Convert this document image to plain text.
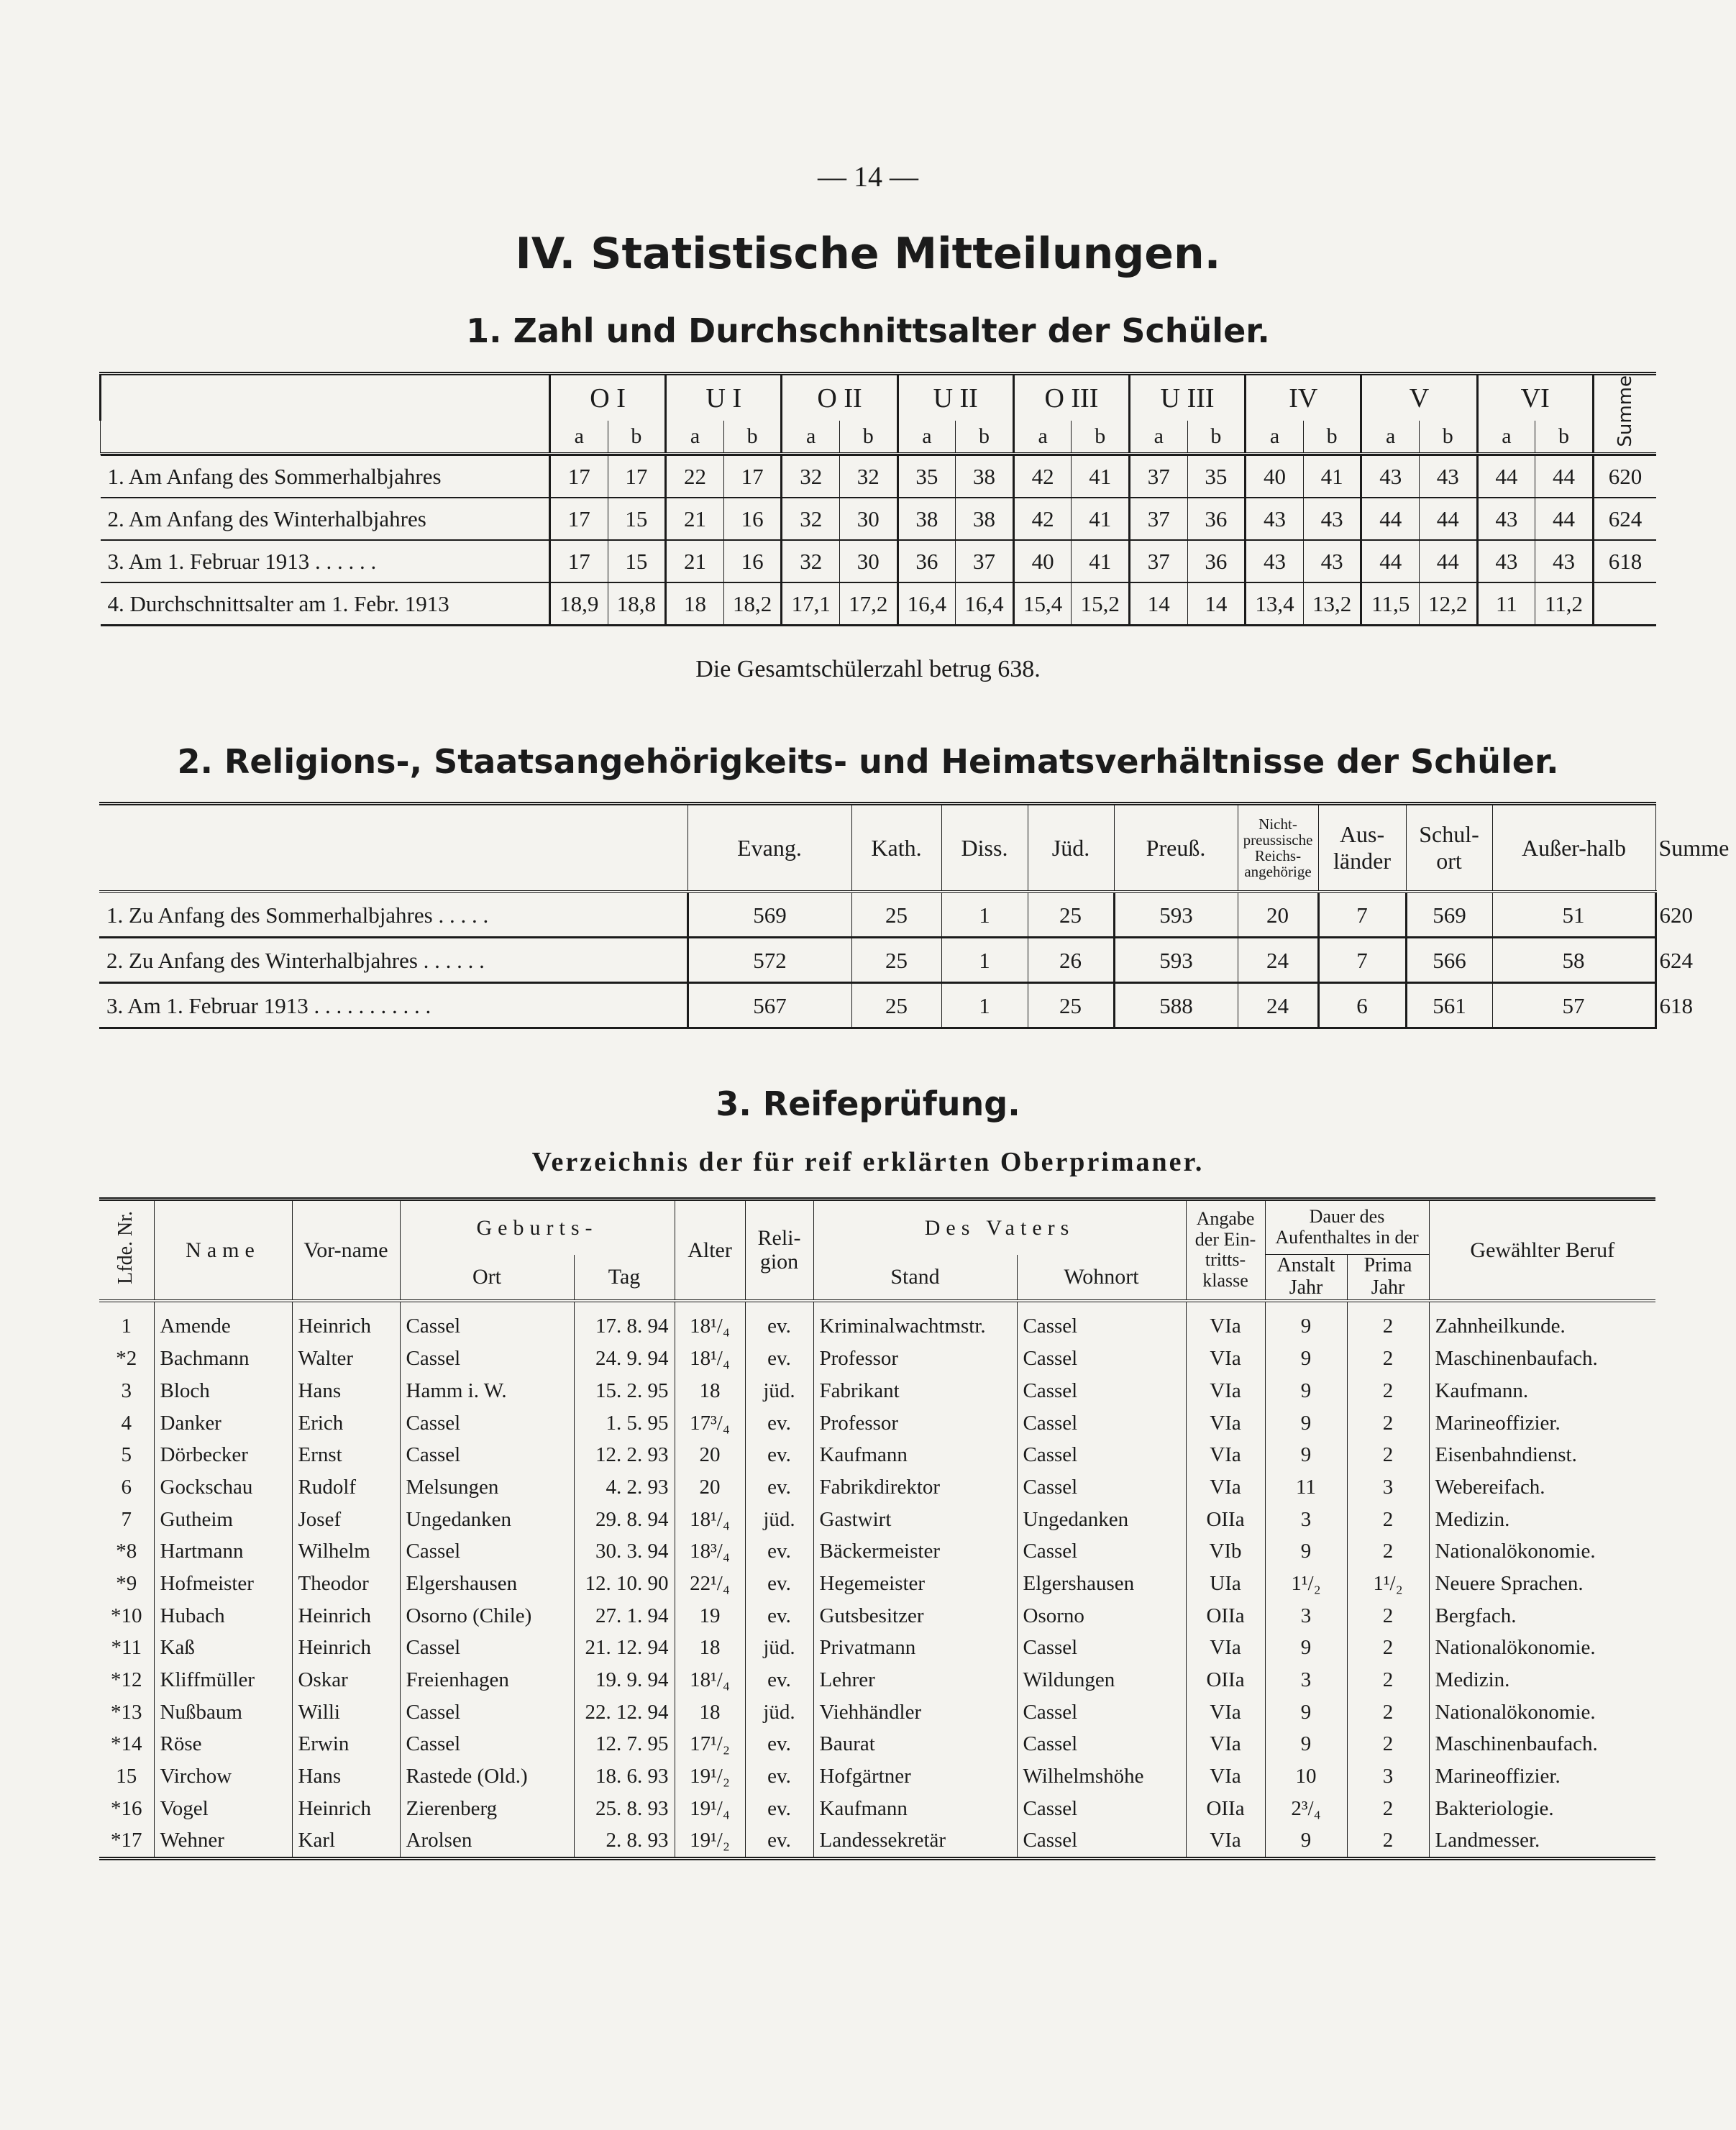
— 14 —
IV. Statistische Mitteilungen.
1. Zahl und Durchschnittsalter der Schüler.
	O I		U I		O II		U II		O III		U III		IV		V		VI		Summe
	a	b	a	b	a	b	a	b	a	b	a	b	a	b	a	b	a	b	

1. Am Anfang des Sommerhalbjahres	17	17	22	17	32	32	35	38	42	41	37	35	40	41	43	43	44	44	620
2. Am Anfang des Winterhalbjahres	17	15	21	16	32	30	38	38	42	41	37	36	43	43	44	44	43	44	624
3. Am 1. Februar 1913 . . . . . .	17	15	21	16	32	30	36	37	40	41	37	36	43	43	44	44	43	43	618
4. Durchschnittsalter am 1. Febr. 1913	18,9	18,8	18	18,2	17,1	17,2	16,4	16,4	15,4	15,2	14	14	13,4	13,2	11,5	12,2	11	11,2	
Die Gesamtschülerzahl betrug 638.
2. Religions-, Staatsangehörigkeits- und Heimatsverhältnisse der Schüler.
	Evang.	Kath.	Diss.	Jüd.	Preuß.	Nicht-preussische Reichs-angehörige	Aus-länder	Schul-ort	Außer-halb	Summe
1. Zu Anfang des Sommerhalbjahres . . . . .	569	25	1	25	593	20	7	569	51	620
2. Zu Anfang des Winterhalbjahres . . . . . .	572	25	1	26	593	24	7	566	58	624
3. Am 1. Februar 1913 . . . . . . . . . . .	567	25	1	25	588	24	6	561	57	618
3. Reifeprüfung.
Verzeichnis der für reif erklärten Oberprimaner.
Lfde. Nr.	Name	Vor-name	Geburts-		Alter	Reli-gion	Des Vaters		Angabe der Ein-tritts-klasse	Dauer des Aufenthaltes in der		Gewählter Beruf
			Ort	Tag			Stand	Wohnort		Anstalt Jahr	Prima Jahr	
1	Amende	Heinrich	Cassel	17. 8. 94	18¹/₄	ev.	Kriminalwachtmstr.	Cassel	VIa	9	2	Zahnheilkunde.
*2	Bachmann	Walter	Cassel	24. 9. 94	18¹/₄	ev.	Professor	Cassel	VIa	9	2	Maschinenbaufach.
3	Bloch	Hans	Hamm i. W.	15. 2. 95	18	jüd.	Fabrikant	Cassel	VIa	9	2	Kaufmann.
4	Danker	Erich	Cassel	1. 5. 95	17³/₄	ev.	Professor	Cassel	VIa	9	2	Marineoffizier.
5	Dörbecker	Ernst	Cassel	12. 2. 93	20	ev.	Kaufmann	Cassel	VIa	9	2	Eisenbahndienst.
6	Gockschau	Rudolf	Melsungen	4. 2. 93	20	ev.	Fabrikdirektor	Cassel	VIa	11	3	Webereifach.
7	Gutheim	Josef	Ungedanken	29. 8. 94	18¹/₄	jüd.	Gastwirt	Ungedanken	OIIa	3	2	Medizin.
*8	Hartmann	Wilhelm	Cassel	30. 3. 94	18³/₄	ev.	Bäckermeister	Cassel	VIb	9	2	Nationalökonomie.
*9	Hofmeister	Theodor	Elgershausen	12. 10. 90	22¹/₄	ev.	Hegemeister	Elgershausen	UIa	1¹/₂	1¹/₂	Neuere Sprachen.
*10	Hubach	Heinrich	Osorno (Chile)	27. 1. 94	19	ev.	Gutsbesitzer	Osorno	OIIa	3	2	Bergfach.
*11	Kaß	Heinrich	Cassel	21. 12. 94	18	jüd.	Privatmann	Cassel	VIa	9	2	Nationalökonomie.
*12	Kliffmüller	Oskar	Freienhagen	19. 9. 94	18¹/₄	ev.	Lehrer	Wildungen	OIIa	3	2	Medizin.
*13	Nußbaum	Willi	Cassel	22. 12. 94	18	jüd.	Viehhändler	Cassel	VIa	9	2	Nationalökonomie.
*14	Röse	Erwin	Cassel	12. 7. 95	17¹/₂	ev.	Baurat	Cassel	VIa	9	2	Maschinenbaufach.
15	Virchow	Hans	Rastede (Old.)	18. 6. 93	19¹/₂	ev.	Hofgärtner	Wilhelmshöhe	VIa	10	3	Marineoffizier.
*16	Vogel	Heinrich	Zierenberg	25. 8. 93	19¹/₄	ev.	Kaufmann	Cassel	OIIa	2³/₄	2	Bakteriologie.
*17	Wehner	Karl	Arolsen	2. 8. 93	19¹/₂	ev.	Landessekretär	Cassel	VIa	9	2	Landmesser.
